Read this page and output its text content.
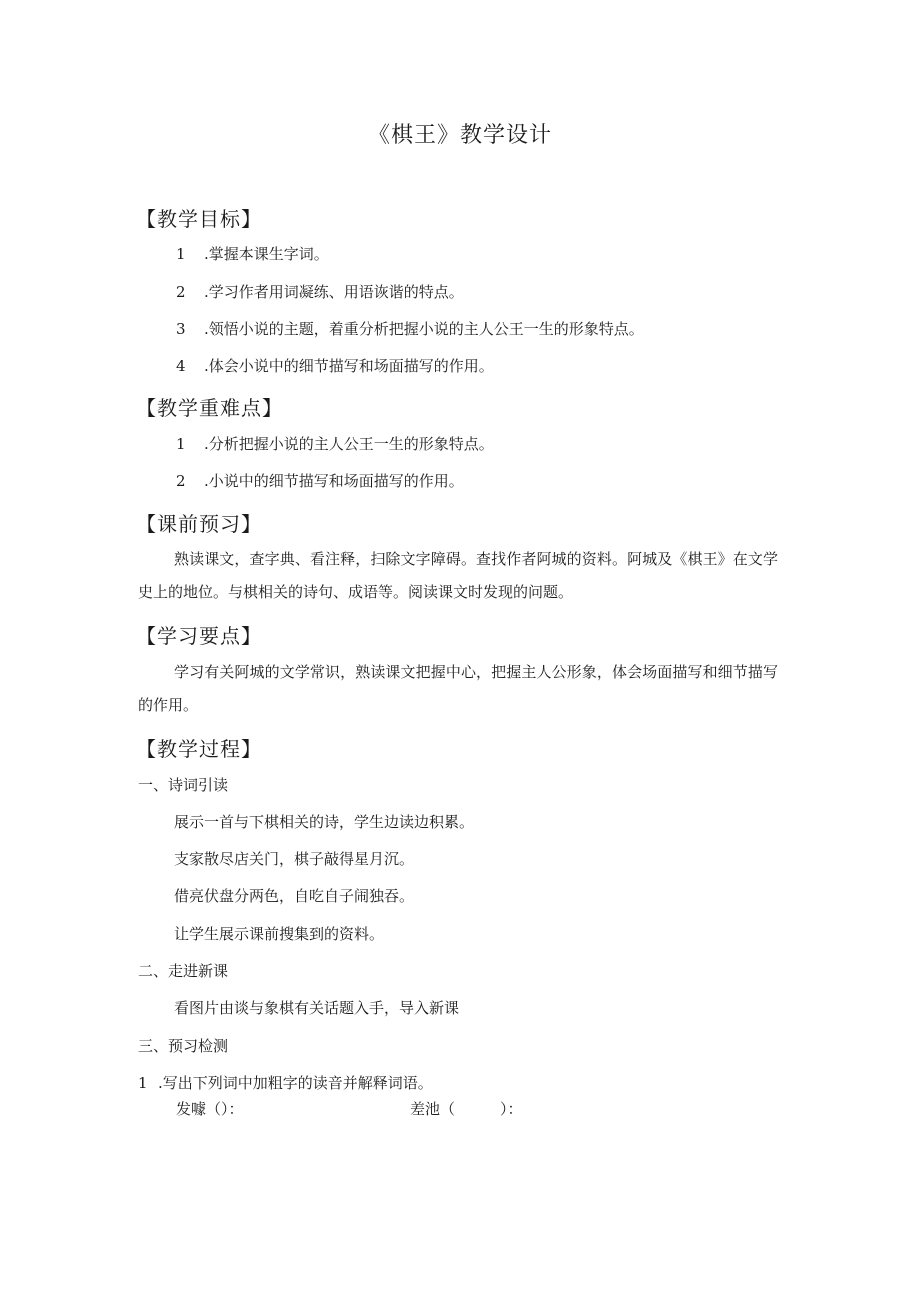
《棋王》教学设计
【教学目标】
1 .掌握本课生字词。
2 .学习作者用词凝练、用语诙谐的特点。
3 .领悟小说的主题，着重分析把握小说的主人公王一生的形象特点。
4 .体会小说中的细节描写和场面描写的作用。
【教学重难点】
1 .分析把握小说的主人公王一生的形象特点。
2 .小说中的细节描写和场面描写的作用。
【课前预习】
熟读课文，查字典、看注释，扫除文字障碍。查找作者阿城的资料。阿城及《棋王》在文学史上的地位。与棋相关的诗句、成语等。阅读课文时发现的问题。
【学习要点】
学习有关阿城的文学常识，熟读课文把握中心，把握主人公形象，体会场面描写和细节描写的作用。
【教学过程】
一、诗词引读
展示一首与下棋相关的诗，学生边读边积累。
支家散尽店关门，棋子敲得星月沉。
借亮伏盘分两色，自吃自子闹独吞。
让学生展示课前搜集到的资料。
二、走进新课
看图片由谈与象棋有关话题入手，导入新课
三、预习检测
1 .写出下列词中加粗字的读音并解释词语。
发噱（）：	差池（　　　）：
